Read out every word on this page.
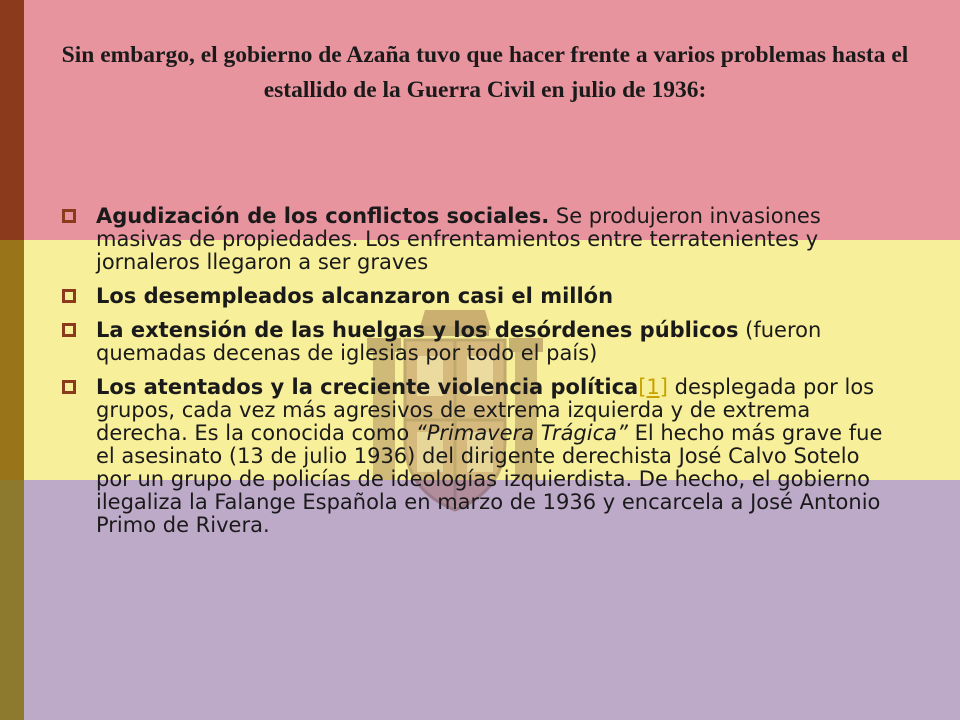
Sin embargo, el gobierno de Azaña tuvo que hacer frente a varios problemas hasta el estallido de la Guerra Civil en julio de 1936:
Agudización de los conflictos sociales. Se produjeron invasiones masivas de propiedades. Los enfrentamientos entre terratenientes y jornaleros llegaron a ser graves
Los desempleados alcanzaron casi el millón
La extensión de las huelgas y los desórdenes públicos (fueron quemadas decenas de iglesias por todo el país)
Los atentados y la creciente violencia política[1] desplegada por los grupos, cada vez más agresivos de extrema izquierda y de extrema derecha. Es la conocida como “Primavera Trágica” El hecho más grave fue el asesinato (13 de julio 1936) del dirigente derechista José Calvo Sotelo por un grupo de policías de ideologías izquierdista. De hecho, el gobierno ilegaliza la Falange Española en marzo de 1936 y encarcela a José Antonio Primo de Rivera.
